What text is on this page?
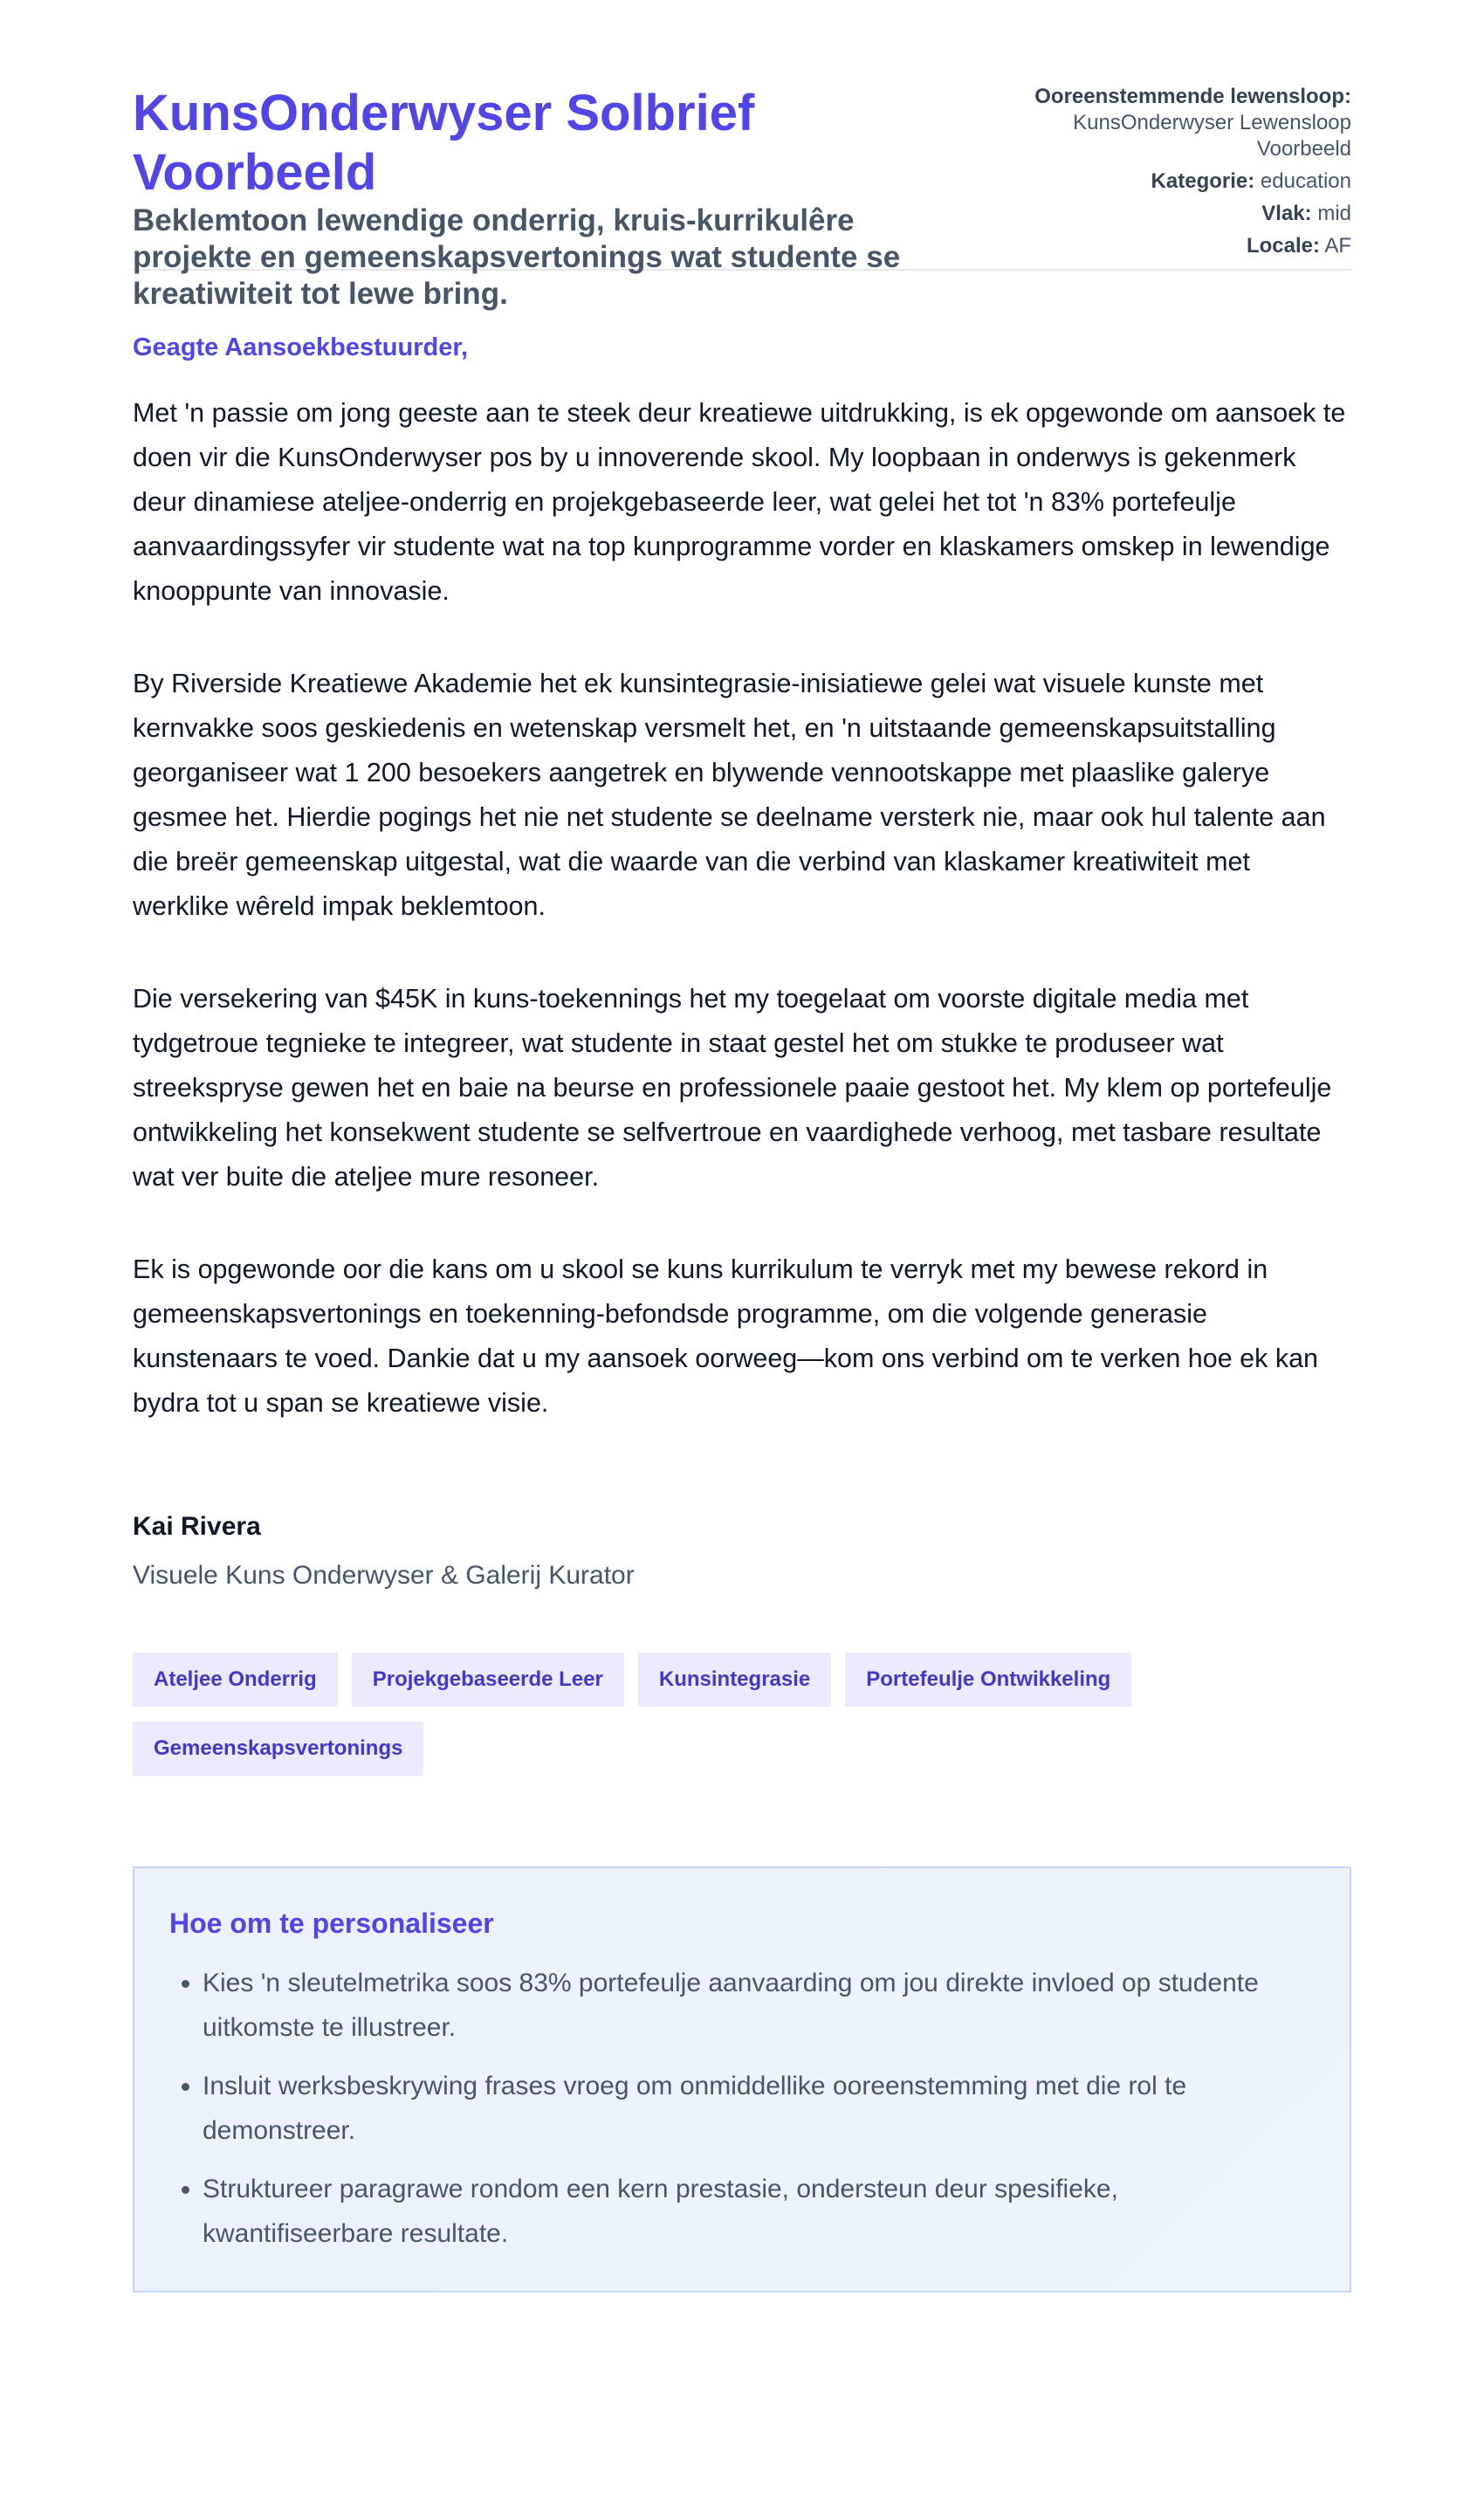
KunsOnderwyser Solbrief Voorbeeld

Beklemtoon lewendige onderrig, kruis-kurrikulêre projekte en gemeenskapsvertonings wat studente se kreatiwiteit tot lewe bring.

Ooreenstemmende lewensloop: KunsOnderwyser Lewensloop Voorbeeld
Kategorie: education
Vlak: mid
Locale: AF

Geagte Aansoekbestuurder,

Met 'n passie om jong geeste aan te steek deur kreatiewe uitdrukking, is ek opgewonde om aansoek te doen vir die KunsOnderwyser pos by u innoverende skool. My loopbaan in onderwys is gekenmerk deur dinamiese ateljee-onderrig en projekgebaseerde leer, wat gelei het tot 'n 83% portefeulje aanvaardingssyfer vir studente wat na top kunprogramme vorder en klaskamers omskep in lewendige knooppunte van innovasie.

By Riverside Kreatiewe Akademie het ek kunsintegrasie-inisiatiewe gelei wat visuele kunste met kernvakke soos geskiedenis en wetenskap versmelt het, en 'n uitstaande gemeenskapsuitstalling georganiseer wat 1 200 besoekers aangetrek en blywende vennootskappe met plaaslike galerye gesmee het. Hierdie pogings het nie net studente se deelname versterk nie, maar ook hul talente aan die breër gemeenskap uitgestal, wat die waarde van die verbind van klaskamer kreatiwiteit met werklike wêreld impak beklemtoon.

Die versekering van $45K in kuns-toekennings het my toegelaat om voorste digitale media met tydgetroue tegnieke te integreer, wat studente in staat gestel het om stukke te produseer wat streekspryse gewen het en baie na beurse en professionele paaie gestoot het. My klem op portefeulje ontwikkeling het konsekwent studente se selfvertroue en vaardighede verhoog, met tasbare resultate wat ver buite die ateljee mure resoneer.

Ek is opgewonde oor die kans om u skool se kuns kurrikulum te verryk met my bewese rekord in gemeenskapsvertonings en toekenning-befondsde programme, om die volgende generasie kunstenaars te voed. Dankie dat u my aansoek oorweeg—kom ons verbind om te verken hoe ek kan bydra tot u span se kreatiewe visie.

Kai Rivera

Visuele Kuns Onderwyser & Galerij Kurator

Ateljee Onderrig	Projekgebaseerde Leer	Kunsintegrasie	Portefeulje Ontwikkeling
Gemeenskapsvertonings
Hoe om te personaliseer
• Kies 'n sleutelmetrika soos 83% portefeulje aanvaarding om jou direkte invloed op studente uitkomste te illustreer.
• Insluit werksbeskrywing frases vroeg om onmiddellike ooreenstemming met die rol te demonstreer.
• Struktureer paragrawe rondom een kern prestasie, ondersteun deur spesifieke, kwantifiseerbare resultate.
